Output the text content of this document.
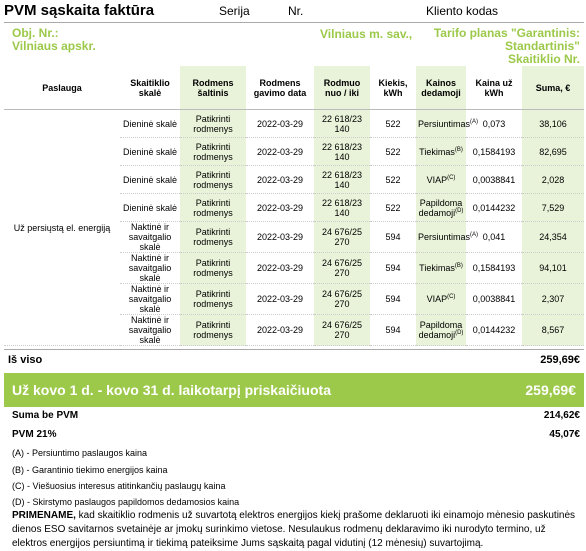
PVM sąskaita faktūra	Serija	Nr.	Kliento kodas
Obj. Nr.:
Vilniaus apskr.
Vilniaus m. sav., Tarifo planas "Garantinis:
Standartinis"
Skaitiklio Nr.
Paslauga	Skaitiklio skalė	Rodmens šaltinis	Rodmens gavimo data	Rodmuo nuo / iki	Kiekis, kWh	Kainos dedamoji	Kaina už kWh	Suma, €
Už persiųstą el. energiją	Dieninė skalė	Patikrinti rodmenys	2022-03-29	22 618/23 140	522	Persiuntimas$^{(A)}$	0,073	38,106
	Dieninė skalė	Patikrinti rodmenys	2022-03-29	22 618/23 140	522	Tiekimas$^{(B)}$	0,1584193	82,695
	Dieninė skalė	Patikrinti rodmenys	2022-03-29	22 618/23 140	522	$VIAP^{(C)}$	0,0038841	2,028
	Dieninė skalė	Patikrinti rodmenys	2022-03-29	22 618/23 140	522	Papildoma dedamoji$^{(D)}$	0,0144232	7,529
	Naktinė ir savaitgalio skalė	Patikrinti rodmenys	2022-03-29	24 676/25 270	594	Persiuntimas$^{(A)}$	0,041	24,354
	Naktinė ir savaitgalio skalė	Patikrinti rodmenys	2022-03-29	24 676/25 270	594	Tiekimas$^{(B)}$	0,1584193	94,101
	Naktinė ir savaitgalio skalė	Patikrinti rodmenys	2022-03-29	24 676/25 270	594	$VIAP^{(C)}$	0,0038841	2,307
	Naktinė ir savaitgalio skalė	Patikrinti rodmenys	2022-03-29	24 676/25 270	594	Papildoma dedamoji$^{(D)}$	0,0144232	8,567
Iš viso	259,69€
Už kovo 1 d. - kovo 31 d. laikotarpį priskaičiuota	259,69€
Suma be PVM	214,62€
PVM 21%	45,07€
(A) - Persiuntimo paslaugos kaina
(B) - Garantinio tiekimo energijos kaina
(C) - Viešuosius interesus atitinkančių paslaugų kaina
(D) - Skirstymo paslaugos papildomos dedamosios kaina
PRIMENAME, kad skaitiklio rodmenis už suvartotą elektros energijos kiekį prašome deklaruoti iki einamojo mėnesio paskutinės dienos ESO savitarnos svetainėje ar įmokų surinkimo vietose. Nesulaukus rodmenų deklaravimo iki nurodyto termino, už elektros energijos persiuntimą ir tiekimą pateiksime Jums sąskaitą pagal vidutinį (12 mėnesių) suvartojimą.
